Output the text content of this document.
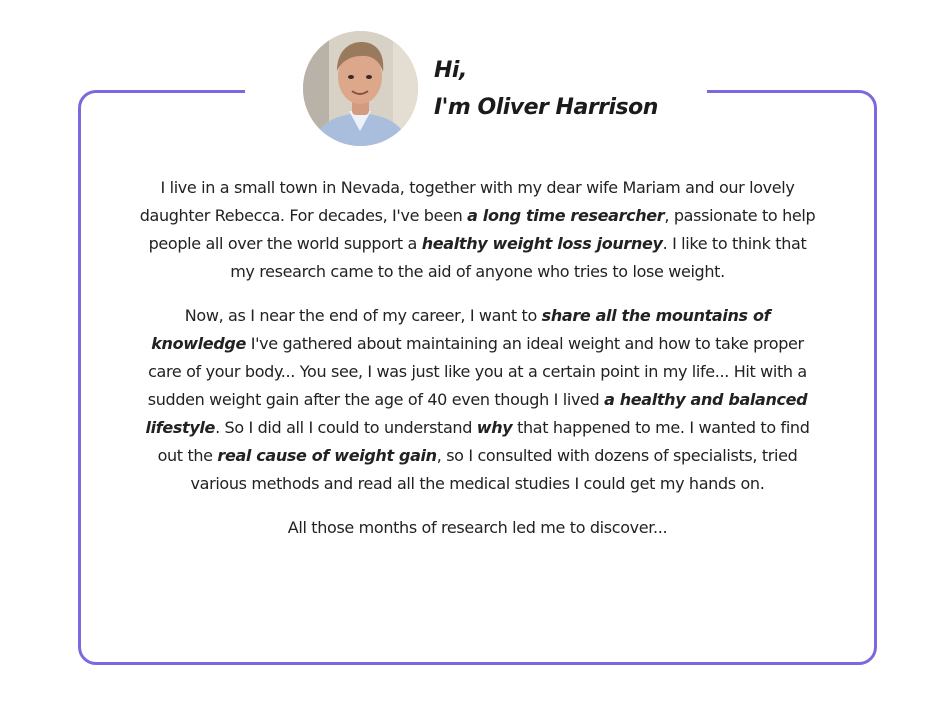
Hi,
I'm Oliver Harrison

I live in a small town in Nevada, together with my dear wife Mariam and our lovely daughter Rebecca. For decades, I've been a long time researcher, passionate to help people all over the world support a healthy weight loss journey. I like to think that my research came to the aid of anyone who tries to lose weight.

Now, as I near the end of my career, I want to share all the mountains of knowledge I've gathered about maintaining an ideal weight and how to take proper care of your body... You see, I was just like you at a certain point in my life... Hit with a sudden weight gain after the age of 40 even though I lived a healthy and balanced lifestyle. So I did all I could to understand why that happened to me. I wanted to find out the real cause of weight gain, so I consulted with dozens of specialists, tried various methods and read all the medical studies I could get my hands on.

All those months of research led me to discover...
